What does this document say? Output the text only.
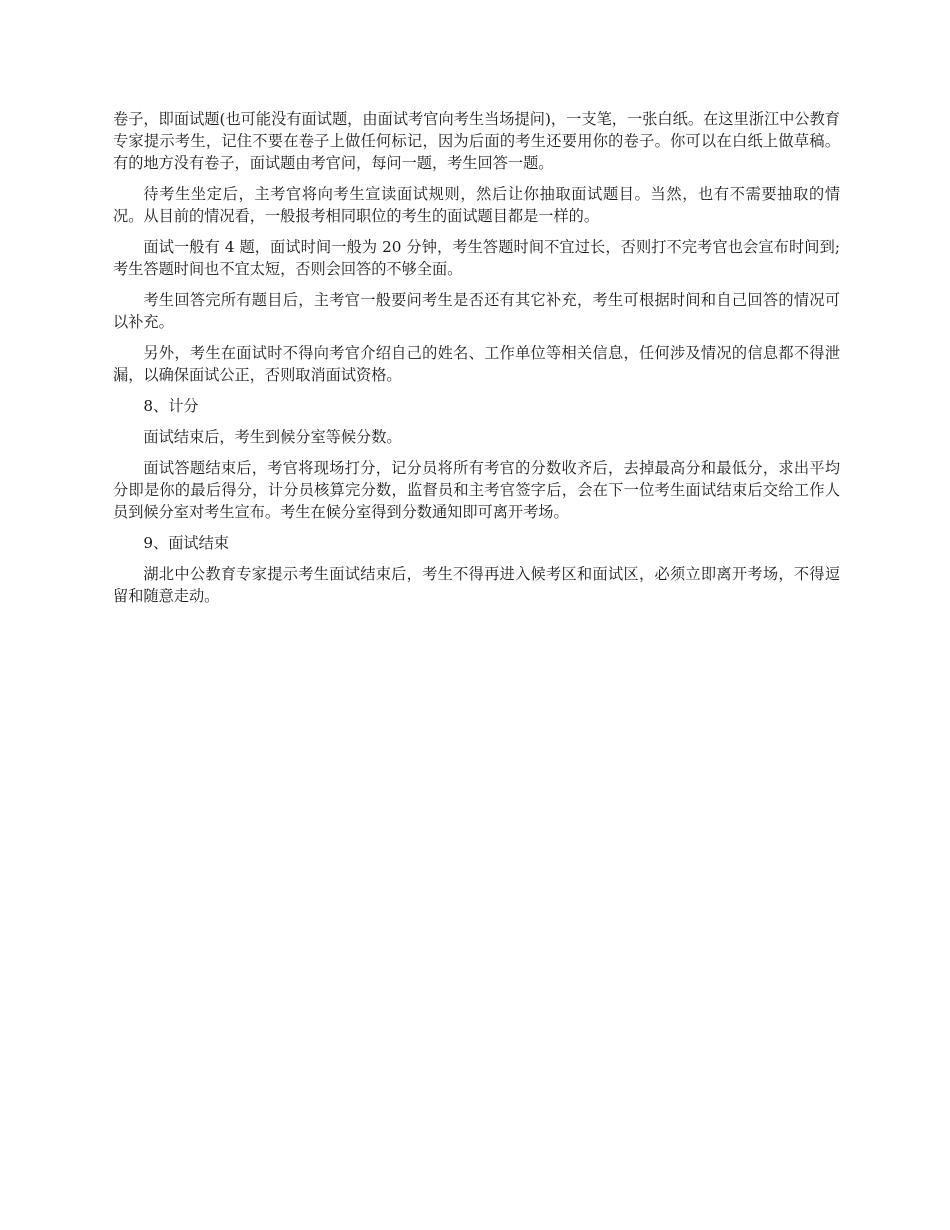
卷子，即面试题(也可能没有面试题，由面试考官向考生当场提问)，一支笔，一张白纸。在这里浙江中公教育专家提示考生，记住不要在卷子上做任何标记，因为后面的考生还要用你的卷子。你可以在白纸上做草稿。有的地方没有卷子，面试题由考官问，每问一题，考生回答一题。

待考生坐定后，主考官将向考生宣读面试规则，然后让你抽取面试题目。当然，也有不需要抽取的情况。从目前的情况看，一般报考相同职位的考生的面试题目都是一样的。

面试一般有 4 题，面试时间一般为 20 分钟，考生答题时间不宜过长，否则打不完考官也会宣布时间到;考生答题时间也不宜太短，否则会回答的不够全面。

考生回答完所有题目后，主考官一般要问考生是否还有其它补充，考生可根据时间和自己回答的情况可以补充。

另外，考生在面试时不得向考官介绍自己的姓名、工作单位等相关信息，任何涉及情况的信息都不得泄漏，以确保面试公正，否则取消面试资格。

8、计分

面试结束后，考生到候分室等候分数。

面试答题结束后，考官将现场打分，记分员将所有考官的分数收齐后，去掉最高分和最低分，求出平均分即是你的最后得分，计分员核算完分数，监督员和主考官签字后，会在下一位考生面试结束后交给工作人员到候分室对考生宣布。考生在候分室得到分数通知即可离开考场。

9、面试结束

湖北中公教育专家提示考生面试结束后，考生不得再进入候考区和面试区，必须立即离开考场，不得逗留和随意走动。
